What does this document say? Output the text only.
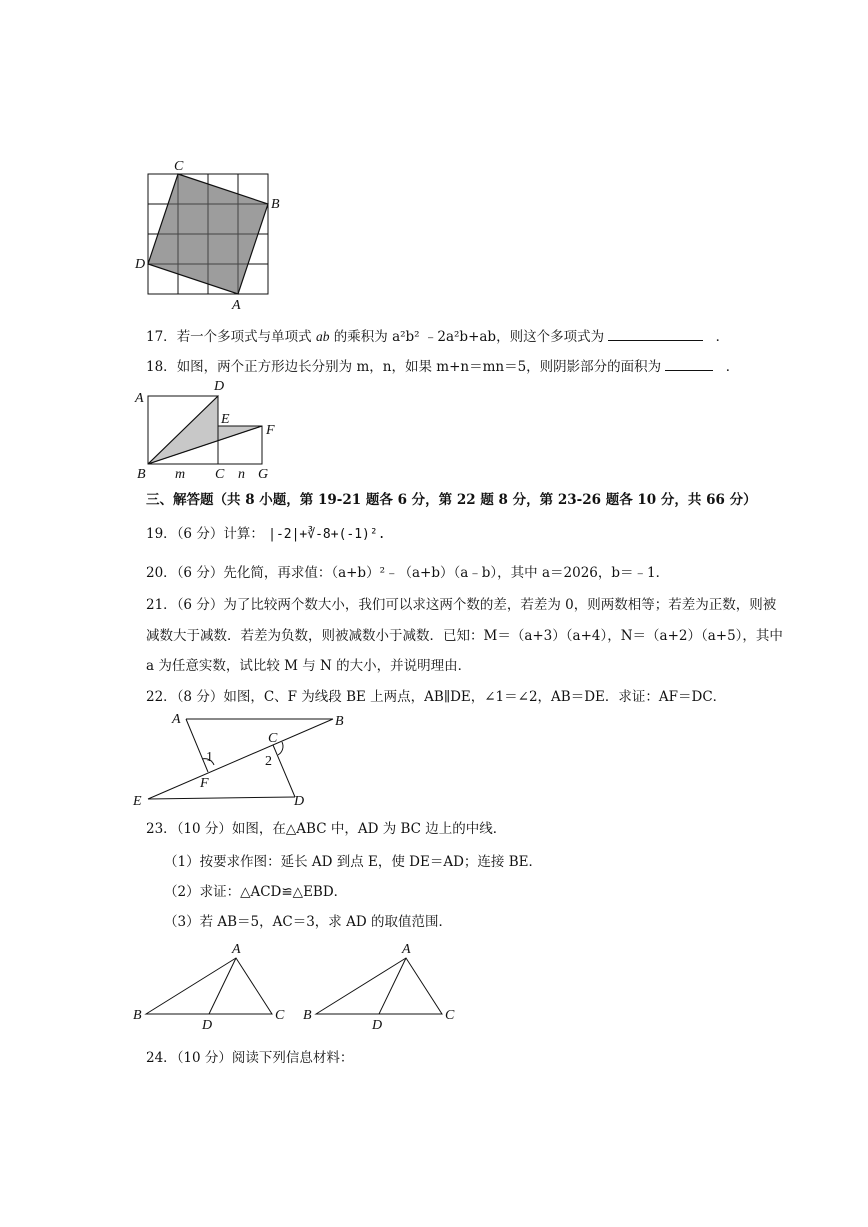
C
B
D
A
17．若一个多项式与单项式 ab 的乘积为 a²b² ﹣2a²b+ab，则这个多项式为	．
18．如图，两个正方形边长分别为 m，n，如果 m+n＝mn＝5，则阴影部分的面积为	．
A
D
E
F
B m C n G
三、解答题（共 8 小题，第 19-21 题各 6 分，第 22 题 8 分，第 23-26 题各 10 分，共 66 分）
19．（6 分）计算： |-2|+∛-8+(-1)².
20．（6 分）先化简，再求值：（a+b）²﹣（a+b）（a﹣b），其中 a＝2026，b＝﹣1．
21．（6 分）为了比较两个数大小，我们可以求这两个数的差，若差为 0，则两数相等；若差为正数，则被
减数大于减数．若差为负数，则被减数小于减数．已知：M＝（a+3）（a+4），N＝（a+2）（a+5），其中
a 为任意实数，试比较 M 与 N 的大小，并说明理由．
22．（8 分）如图，C、F 为线段 BE 上两点，AB∥DE，∠1＝∠2，AB＝DE．求证：AF＝DC．
A	B
C
1	2
F
E	D
23．（10 分）如图，在△ABC 中，AD 为 BC 边上的中线．
（1）按要求作图：延长 AD 到点 E，使 DE＝AD；连接 BE．
（2）求证：△ACD≌△EBD．
（3）若 AB＝5，AC＝3，求 AD 的取值范围．
A
B
D
C
A
B
D
C
24．（10 分）阅读下列信息材料：
